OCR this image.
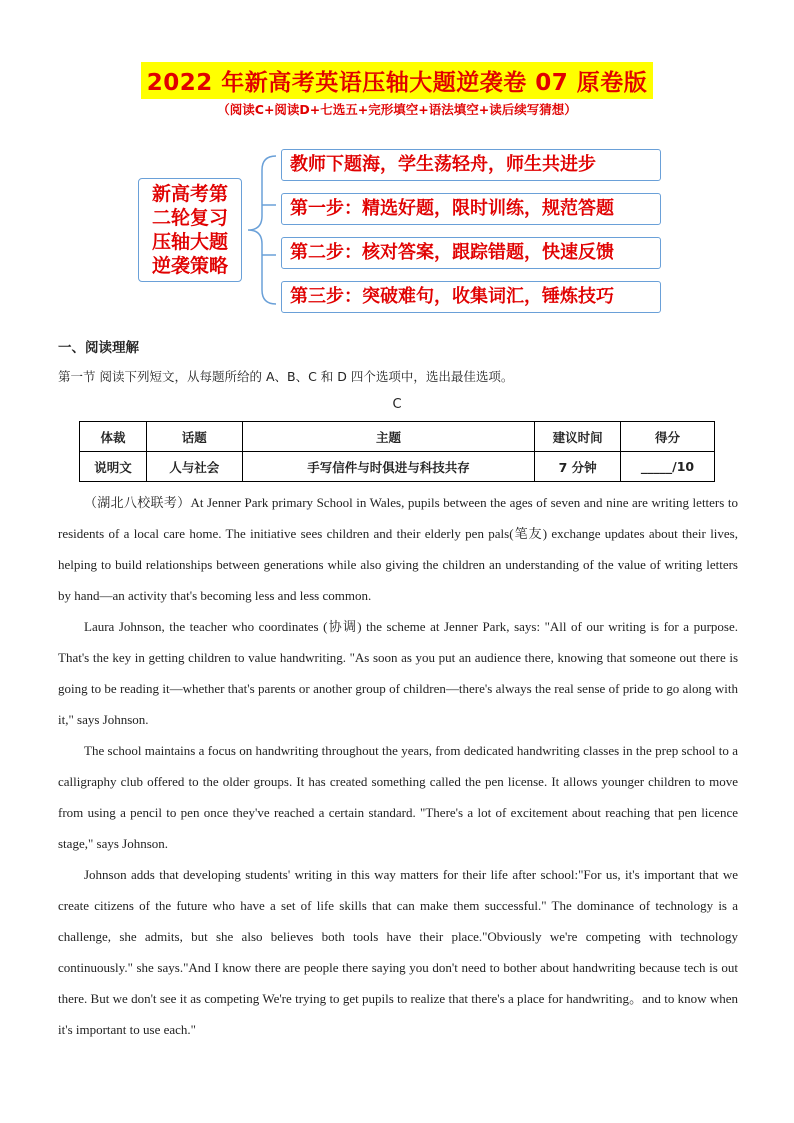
2022 年新高考英语压轴大题逆袭卷 07 原卷版
（阅读C+阅读D+七选五+完形填空+语法填空+读后续写猜想）
新高考第
二轮复习
压轴大题
逆袭策略
教师下题海，学生荡轻舟，师生共进步
第一步：精选好题，限时训练，规范答题
第二步：核对答案，跟踪错题，快速反馈
第三步：突破难句，收集词汇，锤炼技巧
一、阅读理解
第一节 阅读下列短文，从每题所给的 A、B、C 和 D 四个选项中，选出最佳选项。
C
体裁	话题	主题	建议时间	得分
说明文	人与社会	手写信件与时俱进与科技共存	7 分钟	_____/10

（湖北八校联考）At Jenner Park primary School in Wales, pupils between the ages of seven and nine are writing letters to residents of a local care home. The initiative sees children and their elderly pen pals(笔友) exchange updates about their lives, helping to build relationships between generations while also giving the children an understanding of the value of writing letters by hand—an activity that's becoming less and less common.

Laura Johnson, the teacher who coordinates (协调) the scheme at Jenner Park, says: "All of our writing is for a purpose. That's the key in getting children to value handwriting. "As soon as you put an audience there, knowing that someone out there is going to be reading it—whether that's parents or another group of children—there's always the real sense of pride to go along with it," says Johnson.

The school maintains a focus on handwriting throughout the years, from dedicated handwriting classes in the prep school to a calligraphy club offered to the older groups. It has created something called the pen license. It allows younger children to move from using a pencil to pen once they've reached a certain standard. "There's a lot of excitement about reaching that pen licence stage," says Johnson.

Johnson adds that developing students' writing in this way matters for their life after school:"For us, it's important that we create citizens of the future who have a set of life skills that can make them successful." The dominance of technology is a challenge, she admits, but she also believes both tools have their place."Obviously we're competing with technology continuously." she says."And I know there are people there saying you don't need to bother about handwriting because tech is out there. But we don't see it as competing We're trying to get pupils to realize that there's a place for handwriting。and to know when it's important to use each."
